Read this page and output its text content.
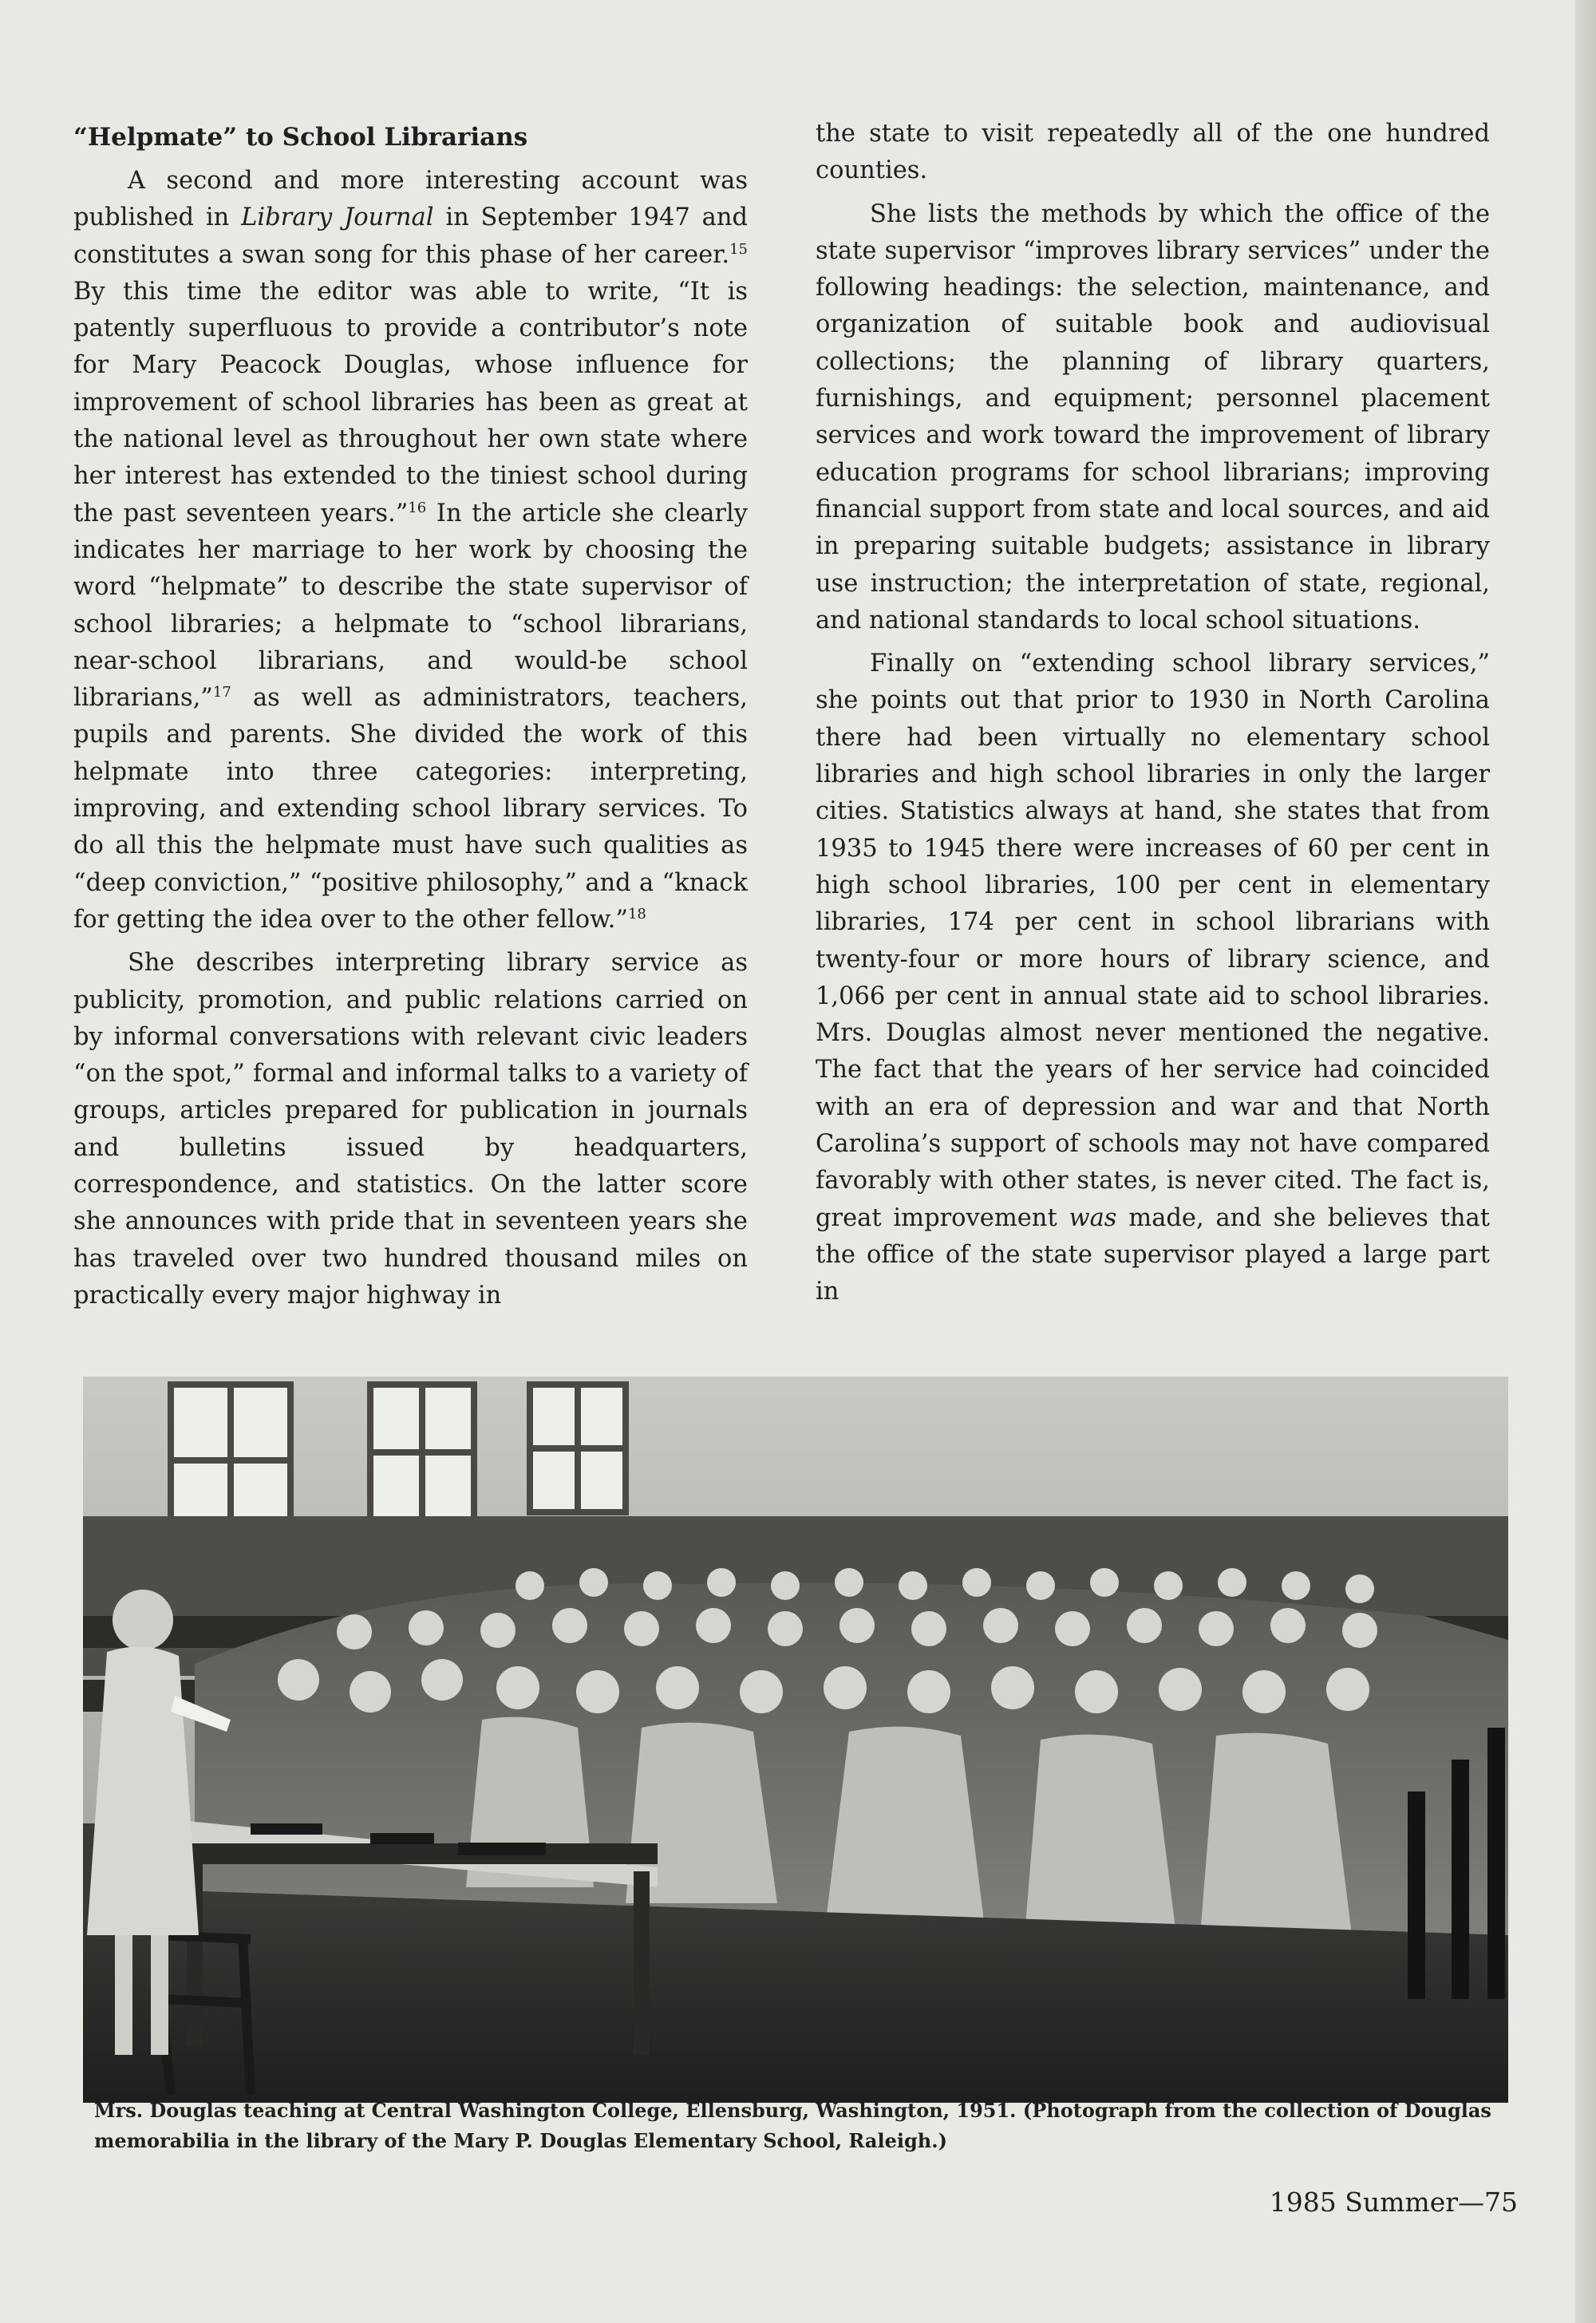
“Helpmate” to School Librarians

A second and more interesting account was published in Library Journal in September 1947 and constitutes a swan song for this phase of her career.$^{15}$ By this time the editor was able to write, “It is patently superfluous to provide a contributor’s note for Mary Peacock Douglas, whose influence for improvement of school libraries has been as great at the national level as throughout her own state where her interest has extended to the tiniest school during the past seventeen years.”$^{16}$ In the article she clearly indicates her marriage to her work by choosing the word “helpmate” to describe the state supervisor of school libraries; a helpmate to “school librarians, near-school librarians, and would-be school librarians,”$^{17}$ as well as administrators, teachers, pupils and parents. She divided the work of this helpmate into three categories: interpreting, improving, and extending school library services. To do all this the helpmate must have such qualities as “deep conviction,” “positive philosophy,” and a “knack for getting the idea over to the other fellow.”$^{18}$

She describes interpreting library service as publicity, promotion, and public relations carried on by informal conversations with relevant civic leaders “on the spot,” formal and informal talks to a variety of groups, articles prepared for publication in journals and bulletins issued by headquarters, correspondence, and statistics. On the latter score she announces with pride that in seventeen years she has traveled over two hundred thousand miles on practically every major highway in

the state to visit repeatedly all of the one hundred counties.

She lists the methods by which the office of the state supervisor “improves library services” under the following headings: the selection, maintenance, and organization of suitable book and audiovisual collections; the planning of library quarters, furnishings, and equipment; personnel placement services and work toward the improvement of library education programs for school librarians; improving financial support from state and local sources, and aid in preparing suitable budgets; assistance in library use instruction; the interpretation of state, regional, and national standards to local school situations.

Finally on “extending school library services,” she points out that prior to 1930 in North Carolina there had been virtually no elementary school libraries and high school libraries in only the larger cities. Statistics always at hand, she states that from 1935 to 1945 there were increases of 60 per cent in high school libraries, 100 per cent in elementary libraries, 174 per cent in school librarians with twenty-four or more hours of library science, and 1,066 per cent in annual state aid to school libraries. Mrs. Douglas almost never mentioned the negative. The fact that the years of her service had coincided with an era of depression and war and that North Carolina’s support of schools may not have compared favorably with other states, is never cited. The fact is, great improvement was made, and she believes that the office of the state supervisor played a large part in

Mrs. Douglas teaching at Central Washington College, Ellensburg, Washington, 1951. (Photograph from the collection of Douglas memorabilia in the library of the Mary P. Douglas Elementary School, Raleigh.)

1985 Summer—75
